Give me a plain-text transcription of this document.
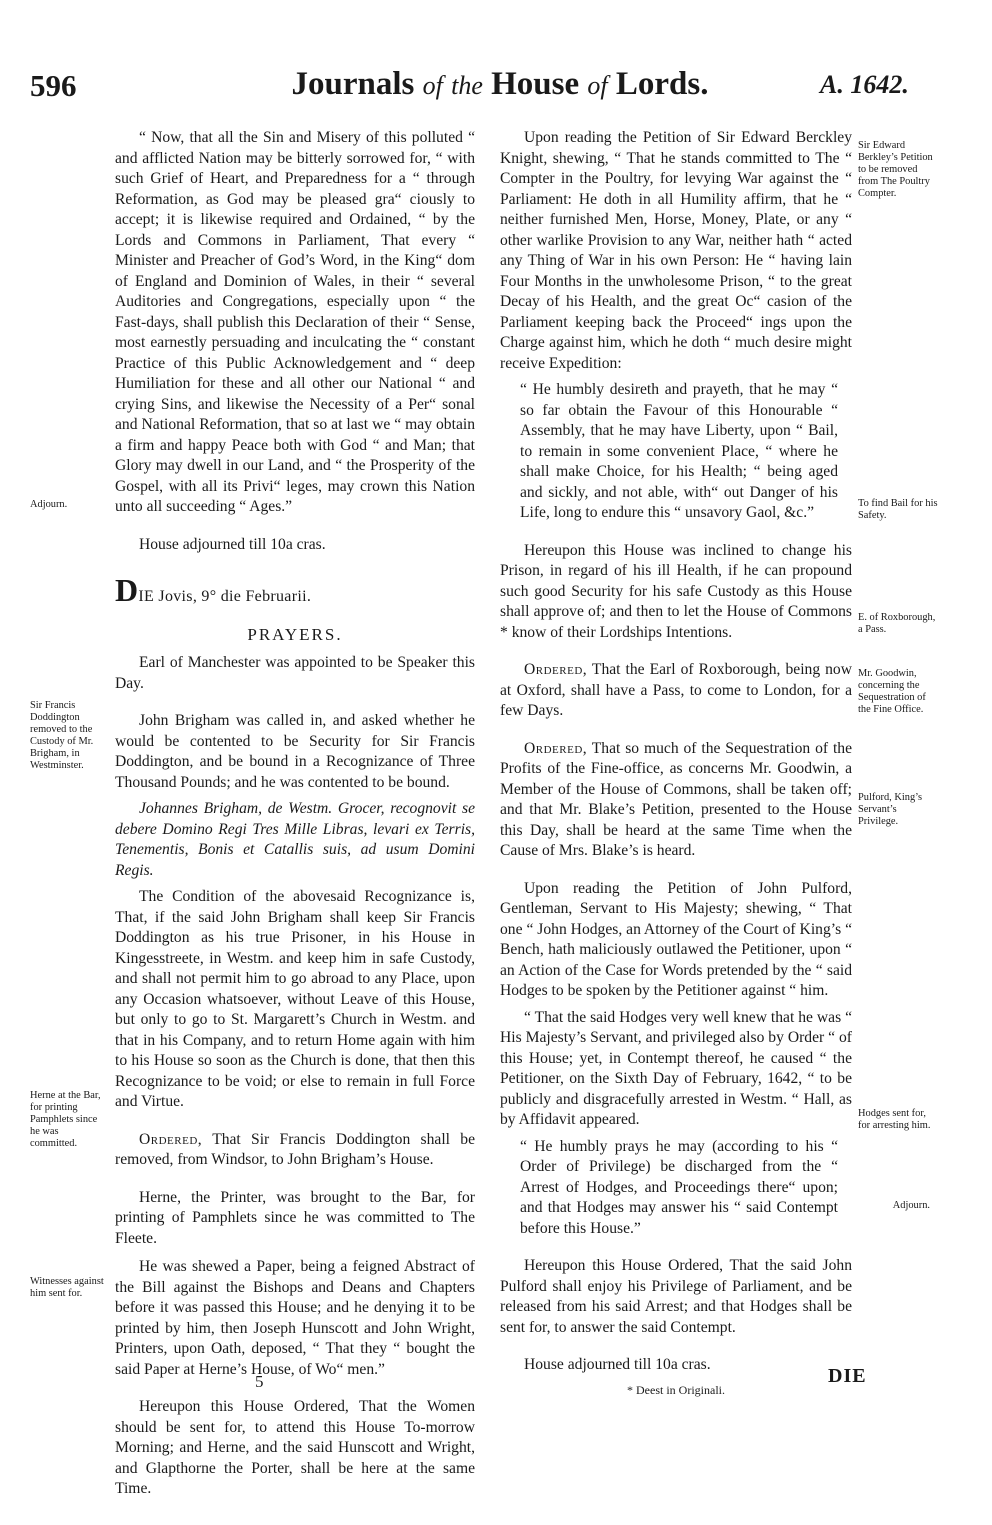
596	Journals of the House of Lords.	A. 1642.

“ Now, that all the Sin and Misery of this polluted “ and afflicted Nation may be bitterly sorrowed for, “ with such Grief of Heart, and Preparedness for a “ through Reformation, as God may be pleased gra“ ciously to accept; it is likewise required and Ordained, “ by the Lords and Commons in Parliament, That every “ Minister and Preacher of God’s Word, in the King“ dom of England and Dominion of Wales, in their “ several Auditories and Congregations, especially upon “ the Fast-days, shall publish this Declaration of their “ Sense, most earnestly persuading and inculcating the “ constant Practice of this Public Acknowledgement and “ deep Humiliation for these and all other our National “ and crying Sins, and likewise the Necessity of a Per“ sonal and National Reformation, that so at last we “ may obtain a firm and happy Peace both with God “ and Man; that Glory may dwell in our Land, and “ the Prosperity of the Gospel, with all its Privi“ leges, may crown this Nation unto all succeeding “ Ages.”

House adjourned till 10a cras.

DIE Jovis, 9° die Februarii.

PRAYERS.

Earl of Manchester was appointed to be Speaker this Day.

John Brigham was called in, and asked whether he would be contented to be Security for Sir Francis Doddington, and be bound in a Recognizance of Three Thousand Pounds; and he was contented to be bound.

Johannes Brigham, de Westm. Grocer, recognovit se debere Domino Regi Tres Mille Libras, levari ex Terris, Tenementis, Bonis et Catallis suis, ad usum Domini Regis.

The Condition of the abovesaid Recognizance is, That, if the said John Brigham shall keep Sir Francis Doddington as his true Prisoner, in his House in Kingesstreete, in Westm. and keep him in safe Custody, and shall not permit him to go abroad to any Place, upon any Occasion whatsoever, without Leave of this House, but only to go to St. Margarett’s Church in Westm. and that in his Company, and to return Home again with him to his House so soon as the Church is done, that then this Recognizance to be void; or else to remain in full Force and Virtue.

Ordered, That Sir Francis Doddington shall be removed, from Windsor, to John Brigham’s House.

Herne, the Printer, was brought to the Bar, for printing of Pamphlets since he was committed to The Fleete.

He was shewed a Paper, being a feigned Abstract of the Bill against the Bishops and Deans and Chapters before it was passed this House; and he denying it to be printed by him, then Joseph Hunscott and John Wright, Printers, upon Oath, deposed, “ That they “ bought the said Paper at Herne’s House, of Wo“ men.”

Hereupon this House Ordered, That the Women should be sent for, to attend this House To-morrow Morning; and Herne, and the said Hunscott and Wright, and Glapthorne the Porter, shall be here at the same Time.

Adjourn.
Sir Francis Doddington removed to the Custody of Mr. Brigham, in Westminster.
Herne at the Bar, for printing Pamphlets since he was committed.
Witnesses against him sent for.

Upon reading the Petition of Sir Edward Berckley Knight, shewing, “ That he stands committed to The “ Compter in the Poultry, for levying War against the “ Parliament: He doth in all Humility affirm, that he “ neither furnished Men, Horse, Money, Plate, or any “ other warlike Provision to any War, neither hath “ acted any Thing of War in his own Person: He “ having lain Four Months in the unwholesome Prison, “ to the great Decay of his Health, and the great Oc“ casion of the Parliament keeping back the Proceed“ ings upon the Charge against him, which he doth “ much desire might receive Expedition:

“ He humbly desireth and prayeth, that he may “ so far obtain the Favour of this Honourable “ Assembly, that he may have Liberty, upon “ Bail, to remain in some convenient Place, “ where he shall make Choice, for his Health; “ being aged and sickly, and not able, with“ out Danger of his Life, long to endure this “ unsavory Gaol, &c.”

Hereupon this House was inclined to change his Prison, in regard of his ill Health, if he can propound such good Security for his safe Custody as this House shall approve of; and then to let the House of Commons * know of their Lordships Intentions.

Ordered, That the Earl of Roxborough, being now at Oxford, shall have a Pass, to come to London, for a few Days.

Ordered, That so much of the Sequestration of the Profits of the Fine-office, as concerns Mr. Goodwin, a Member of the House of Commons, shall be taken off; and that Mr. Blake’s Petition, presented to the House this Day, shall be heard at the same Time when the Cause of Mrs. Blake’s is heard.

Upon reading the Petition of John Pulford, Gentleman, Servant to His Majesty; shewing, “ That one “ John Hodges, an Attorney of the Court of King’s “ Bench, hath maliciously outlawed the Petitioner, upon “ an Action of the Case for Words pretended by the “ said Hodges to be spoken by the Petitioner against “ him.

“ That the said Hodges very well knew that he was “ His Majesty’s Servant, and privileged also by Order “ of this House; yet, in Contempt thereof, he caused “ the Petitioner, on the Sixth Day of February, 1642, “ to be publicly and disgracefully arrested in Westm. “ Hall, as by Affidavit appeared.

“ He humbly prays he may (according to his “ Order of Privilege) be discharged from the “ Arrest of Hodges, and Proceedings there“ upon; and that Hodges may answer his “ said Contempt before this House.”

Hereupon this House Ordered, That the said John Pulford shall enjoy his Privilege of Parliament, and be released from his said Arrest; and that Hodges shall be sent for, to answer the said Contempt.

House adjourned till 10a cras.

* Deest in Originali.

Sir Edward Berkley’s Petition to be removed from The Poultry Compter.
To find Bail for his Safety.
E. of Roxborough, a Pass.
Mr. Goodwin, concerning the Sequestration of the Fine Office.
Pulford, King’s Servant’s Privilege.
Hodges sent for, for arresting him.
Adjourn.
5	DIE
